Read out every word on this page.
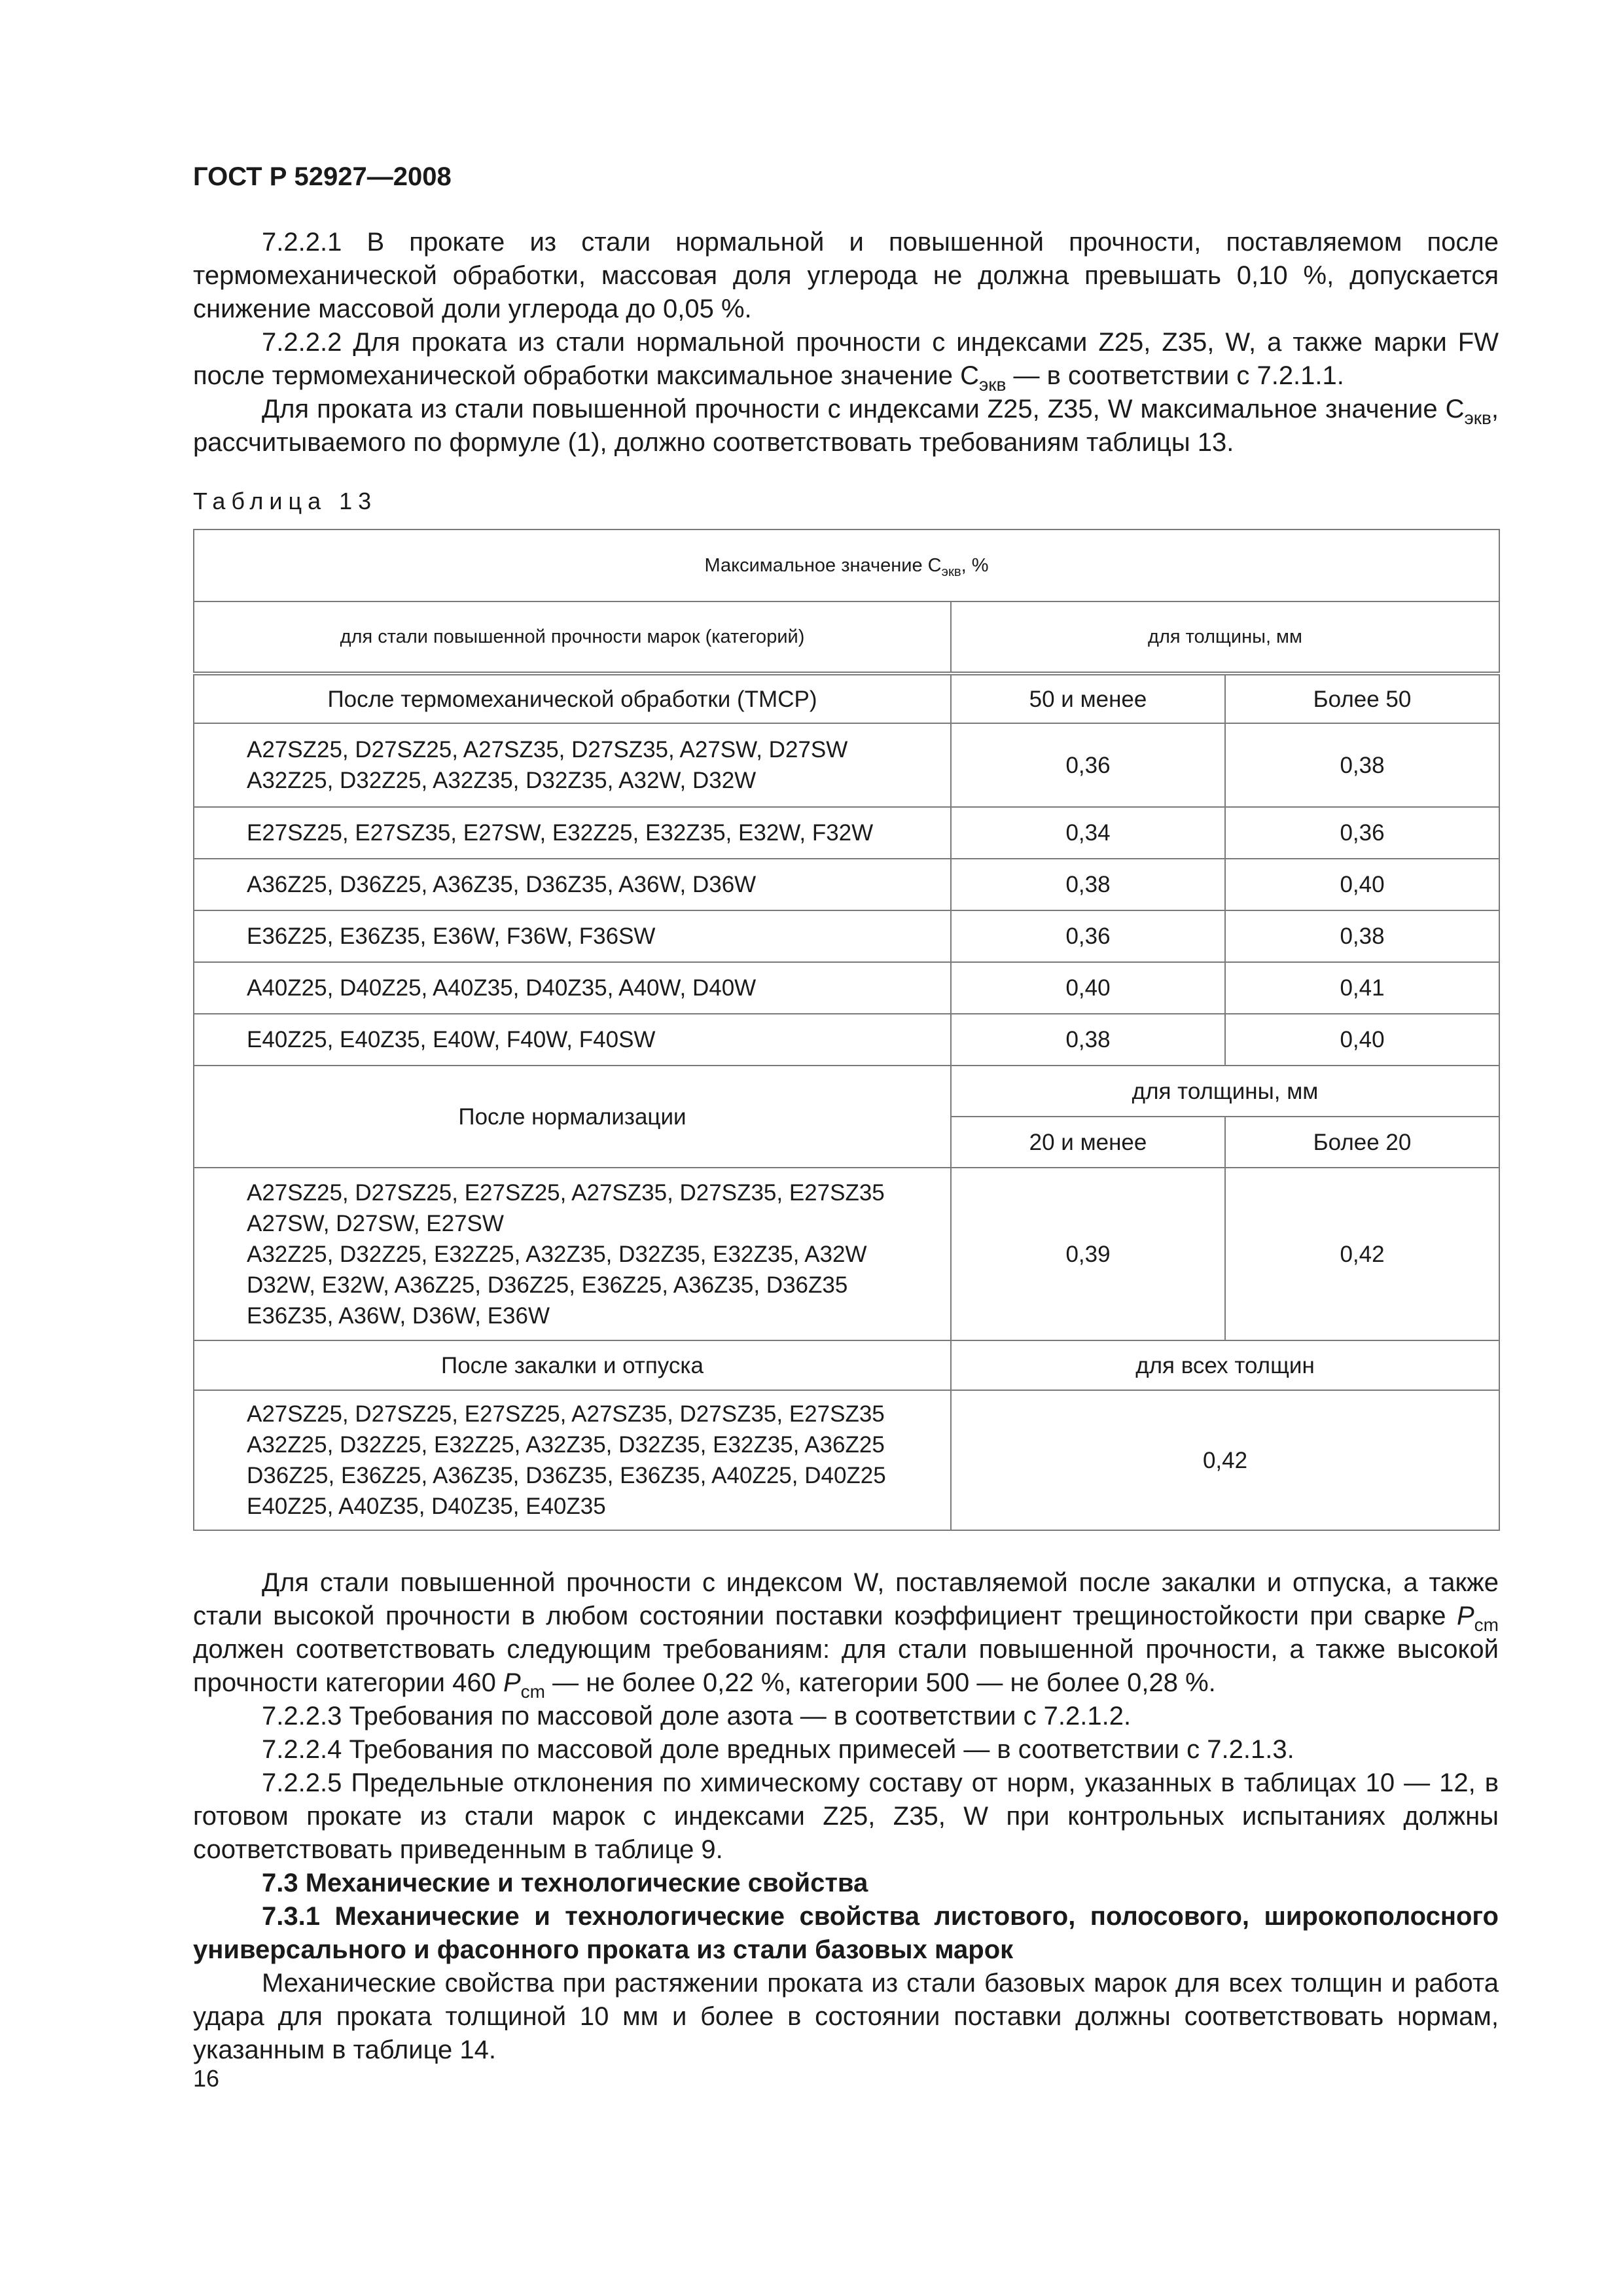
ГОСТ Р 52927—2008
7.2.2.1 В прокате из стали нормальной и повышенной прочности, поставляемом после термомеханической обработки, массовая доля углерода не должна превышать 0,10 %, допускается снижение массовой доли углерода до 0,05 %.
7.2.2.2 Для проката из стали нормальной прочности с индексами Z25, Z35, W, а также марки FW после термомеханической обработки максимальное значение $С_{экв}$ — в соответствии с 7.2.1.1.
Для проката из стали повышенной прочности с индексами Z25, Z35, W максимальное значение $С_{экв}$, рассчитываемого по формуле (1), должно соответствовать требованиям таблицы 13.
Таблица 13
Максимальное значение $С_{экв}$, %		
для стали повышенной прочности марок (категорий)	для толщины, мм	
После термомеханической обработки (ТМСР)	50 и менее	Более 50
A27SZ25, D27SZ25, A27SZ35, D27SZ35, A27SW, D27SW
A32Z25, D32Z25, A32Z35, D32Z35, A32W, D32W	0,36	0,38
E27SZ25, E27SZ35, E27SW, E32Z25, E32Z35, E32W, F32W	0,34	0,36
A36Z25, D36Z25, A36Z35, D36Z35, A36W, D36W	0,38	0,40
E36Z25, E36Z35, E36W, F36W, F36SW	0,36	0,38
A40Z25, D40Z25, A40Z35, D40Z35, A40W, D40W	0,40	0,41
E40Z25, E40Z35, E40W, F40W, F40SW	0,38	0,40
После нормализации	для толщины, мм	
	20 и менее	Более 20
A27SZ25, D27SZ25, E27SZ25, A27SZ35, D27SZ35, E27SZ35
A27SW, D27SW, E27SW
A32Z25, D32Z25, E32Z25, A32Z35, D32Z35, E32Z35, A32W
D32W, E32W, A36Z25, D36Z25, E36Z25, A36Z35, D36Z35
E36Z35, A36W, D36W, E36W	0,39	0,42
После закалки и отпуска	для всех толщин	
A27SZ25, D27SZ25, E27SZ25, A27SZ35, D27SZ35, E27SZ35
A32Z25, D32Z25, E32Z25, A32Z35, D32Z35, E32Z35, A36Z25
D36Z25, E36Z25, A36Z35, D36Z35, E36Z35, A40Z25, D40Z25
E40Z25, A40Z35, D40Z35, E40Z35	0,42	
Для стали повышенной прочности с индексом W, поставляемой после закалки и отпуска, а также стали высокой прочности в любом состоянии поставки коэффициент трещиностойкости при сварке $P_{cm}$ должен соответствовать следующим требованиям: для стали повышенной прочности, а также высокой прочности категории 460 $P_{cm}$ — не более 0,22 %, категории 500 — не более 0,28 %.
7.2.2.3 Требования по массовой доле азота — в соответствии с 7.2.1.2.
7.2.2.4 Требования по массовой доле вредных примесей — в соответствии с 7.2.1.3.
7.2.2.5 Предельные отклонения по химическому составу от норм, указанных в таблицах 10 — 12, в готовом прокате из стали марок с индексами Z25, Z35, W при контрольных испытаниях должны соответствовать приведенным в таблице 9.
7.3 Механические и технологические свойства
7.3.1 Механические и технологические свойства листового, полосового, широкополосного универсального и фасонного проката из стали базовых марок
Механические свойства при растяжении проката из стали базовых марок для всех толщин и работа удара для проката толщиной 10 мм и более в состоянии поставки должны соответствовать нормам, указанным в таблице 14.
16
